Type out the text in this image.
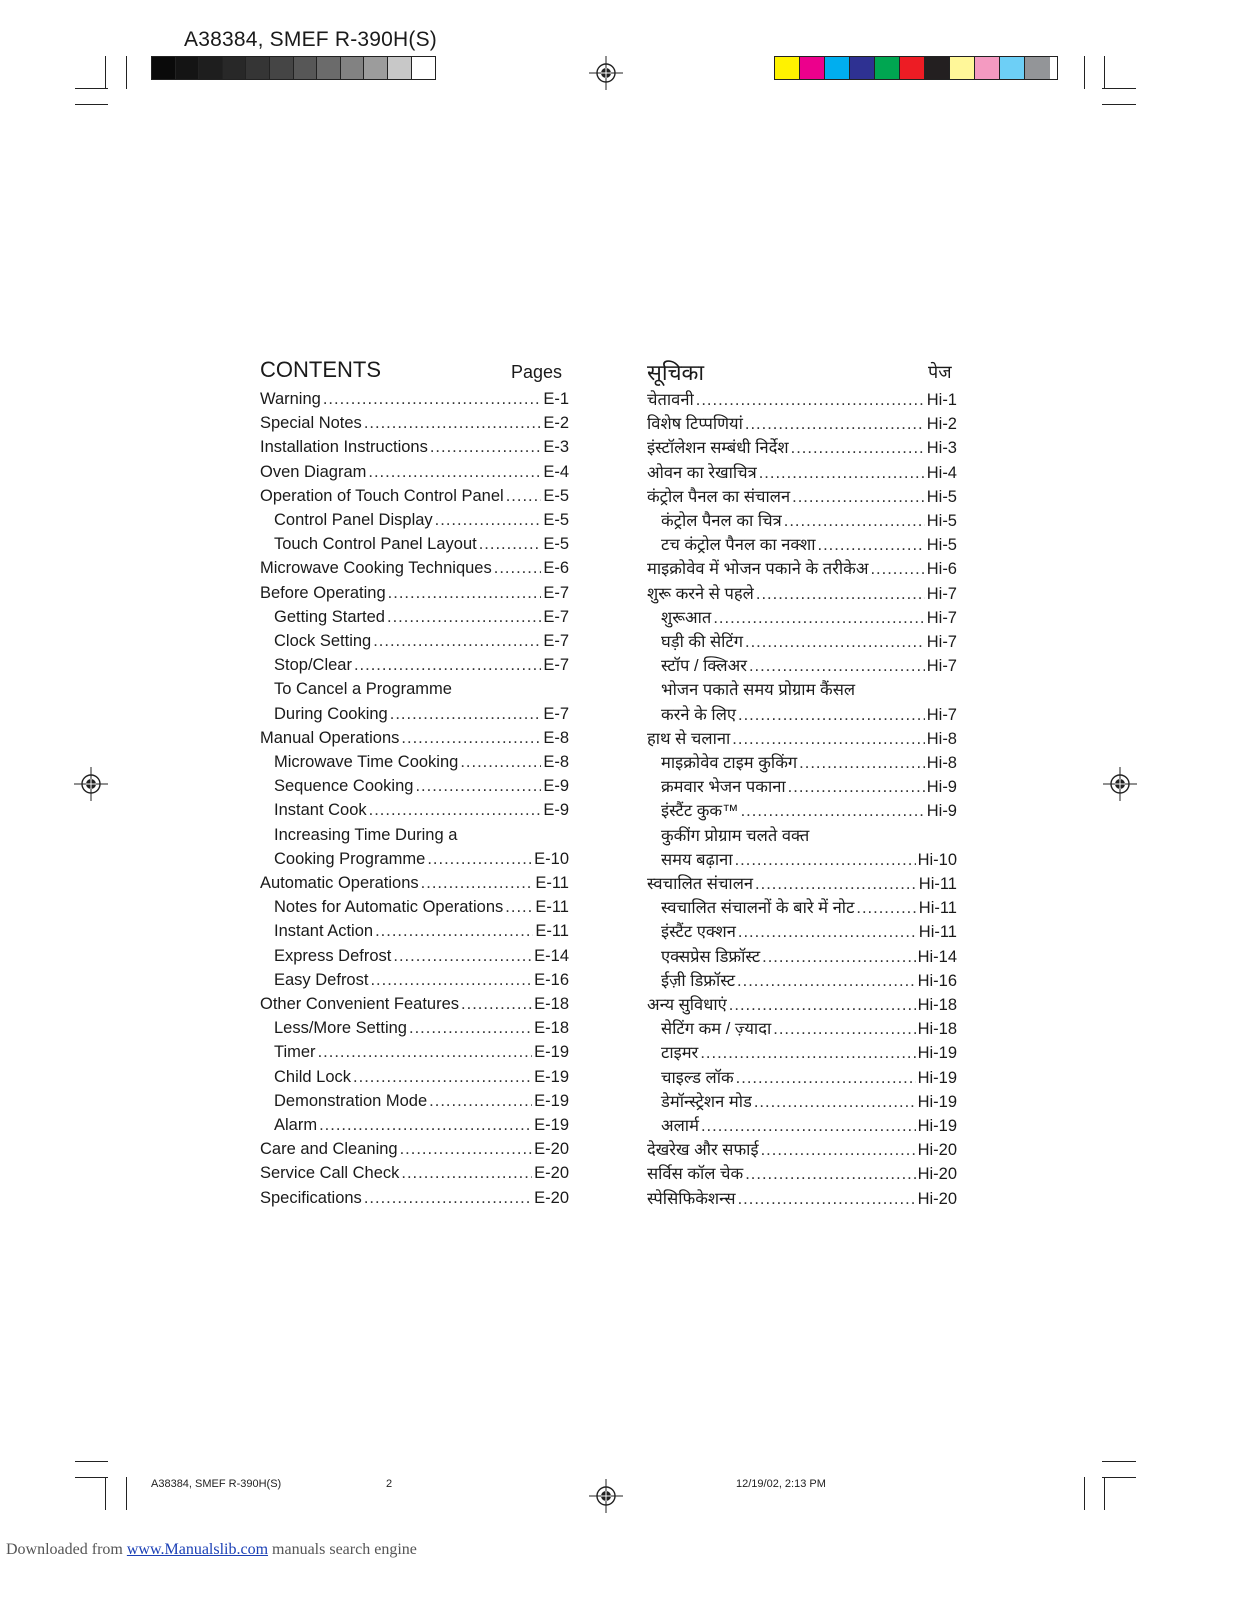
A38384, SMEF R-390H(S)
CONTENTS	Pages	सूचिका	पेज
Warning .....	E-1
Special Notes .....	E-2
Installation Instructions .....	E-3
Oven Diagram .....	E-4
Operation of Touch Control Panel ..... E-5
Control Panel Display .....	E-5
Touch Control Panel Layout .....	E-5
Microwave Cooking Techniques .....	E-6
Before Operating .....	E-7
Getting Started .....	E-7
Clock Setting .....	E-7
Stop/Clear .....	E-7
To Cancel a Programme
During Cooking .....	E-7
Manual Operations .....	E-8
Microwave Time Cooking .....	E-8
Sequence Cooking .....	E-9
Instant Cook .....	E-9
Increasing Time During a
Cooking Programme .....	E-10
Automatic Operations .....	E-11
Notes for Automatic Operations ..... E-11
Instant Action .....	E-11
Express Defrost .....	E-14
Easy Defrost .....	E-16
Other Convenient Features .....	E-18
Less/More Setting .....	E-18
Timer .....	E-19
Child Lock .....	E-19
Demonstration Mode .....	E-19
Alarm .....	E-19
Care and Cleaning .....	E-20
Service Call Check .....	E-20
Specifications .....	E-20
चेतावनी .....	Hi-1
विशेष टिप्पणियां .....	Hi-2
इंस्टॉलेशन सम्बंधी निर्देश .....	Hi-3
ओवन का रेखाचित्र .....	Hi-4
कंट्रोल पैनल का संचालन .....	Hi-5
कंट्रोल पैनल का चित्र .....	Hi-5
टच कंट्रोल पैनल का नक्शा .....	Hi-5
माइक्रोवेव में भोजन पकाने के तरीकेअ .....	Hi-6
शुरू करने से पहले .....	Hi-7
शुरूआत .....	Hi-7
घड़ी की सेटिंग .....	Hi-7
स्टॉप / क्लिअर .....	Hi-7
भोजन पकाते समय प्रोग्राम कैंसल
करने के लिए .....	Hi-7
हाथ से चलाना .....	Hi-8
माइक्रोवेव टाइम कुकिंग .....	Hi-8
क्रमवार भेजन पकाना .....	Hi-9
इंस्टैंट कुक™ .....	Hi-9
कुकींग प्रोग्राम चलते वक्त
समय बढ़ाना .....	Hi-10
स्वचालित संचालन .....	Hi-11
स्वचालित संचालनों के बारे में नोट .....	Hi-11
इंस्टैंट एक्शन .....	Hi-11
एक्सप्रेस डिफ्रॉस्ट .....	Hi-14
ईज़ी डिफ्रॉस्ट .....	Hi-16
अन्य सुविधाएं .....	Hi-18
सेटिंग कम / ज़्यादा .....	Hi-18
टाइमर .....	Hi-19
चाइल्ड लॉक .....	Hi-19
डेमॉन्स्ट्रेशन मोड .....	Hi-19
अलार्म .....	Hi-19
देखरेख और सफाई .....	Hi-20
सर्विस कॉल चेक .....	Hi-20
स्पेसिफिकेशन्स .....	Hi-20
A38384, SMEF R-390H(S)	2	12/19/02, 2:13 PM
Downloaded from www.Manualslib.com manuals search engine
